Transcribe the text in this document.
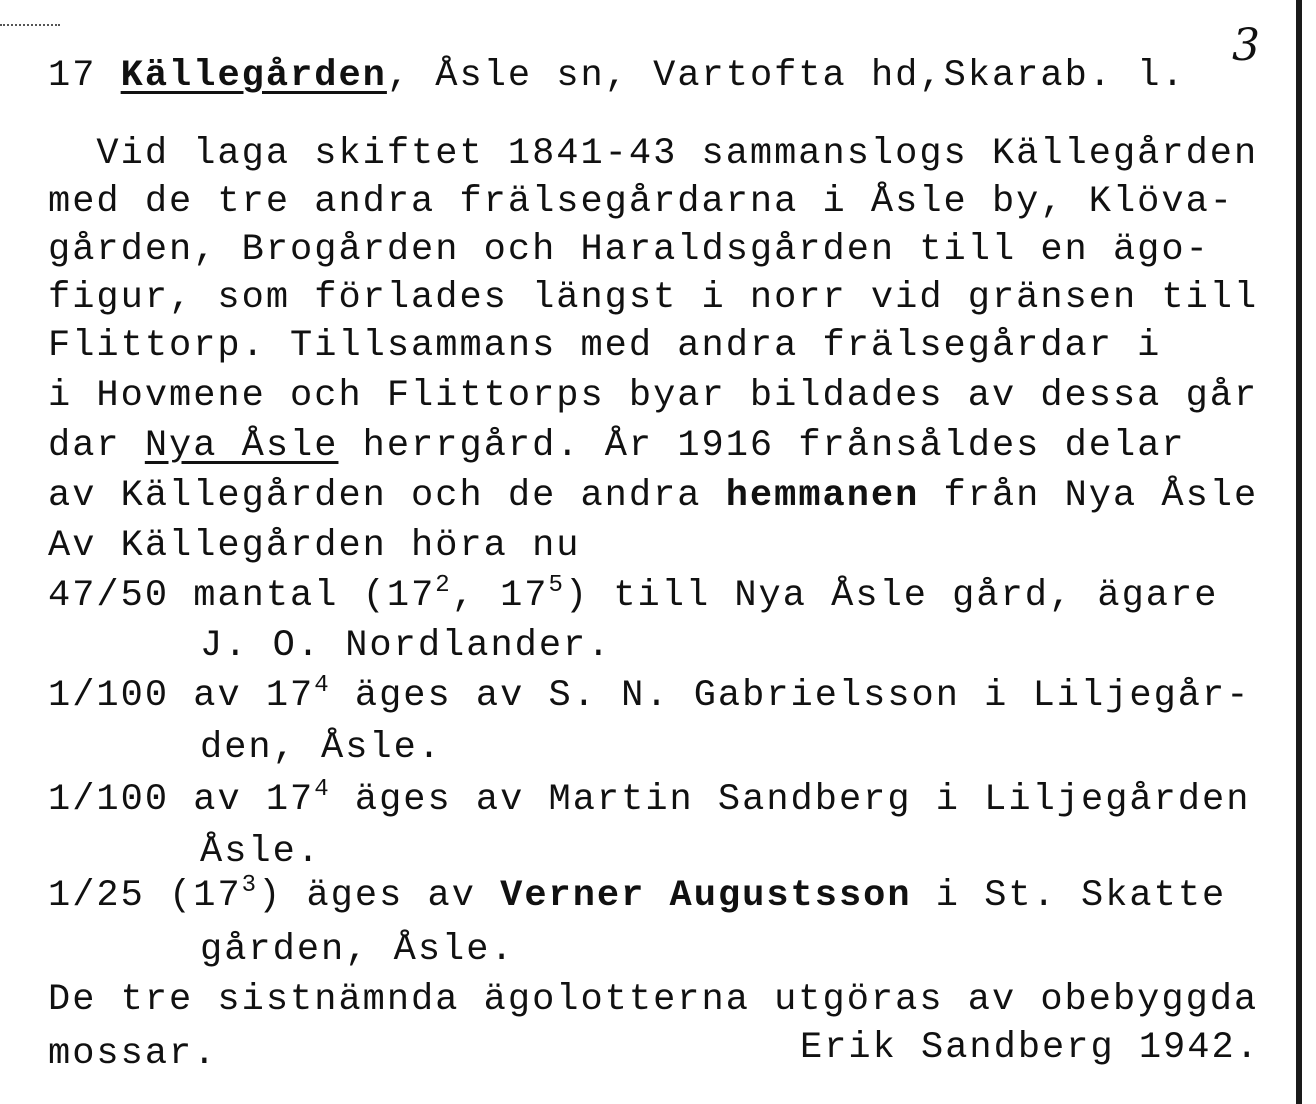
3
17 Källegården, Åsle sn, Vartofta hd,Skarab. l.
Vid laga skiftet 1841-43 sammanslogs Källegården
med de tre andra frälsegårdarna i Åsle by, Klöva-
gården, Brogården och Haraldsgården till en ägo-
figur, som förlades längst i norr vid gränsen till
Flittorp. Tillsammans med andra frälsegårdar i
i Hovmene och Flittorps byar bildades av dessa går
dar Nya Åsle herrgård. År 1916 frånsåldes delar
av Källegården och de andra hemmanen från Nya Åsle
Av Källegården höra nu
47/50 mantal ($17^2$, $17^5$) till Nya Åsle gård, ägare
J. O. Nordlander.
1/100 av $17^4$ äges av S. N. Gabrielsson i Liljegår-
den, Åsle.
1/100 av $17^4$ äges av Martin Sandberg i Liljegården
Åsle.
1/25 $(17^3)$ äges av Verner Augustsson i St. Skatte
gården, Åsle.
De tre sistnämnda ägolotterna utgöras av obebyggda
mossar.	Erik Sandberg 1942.
